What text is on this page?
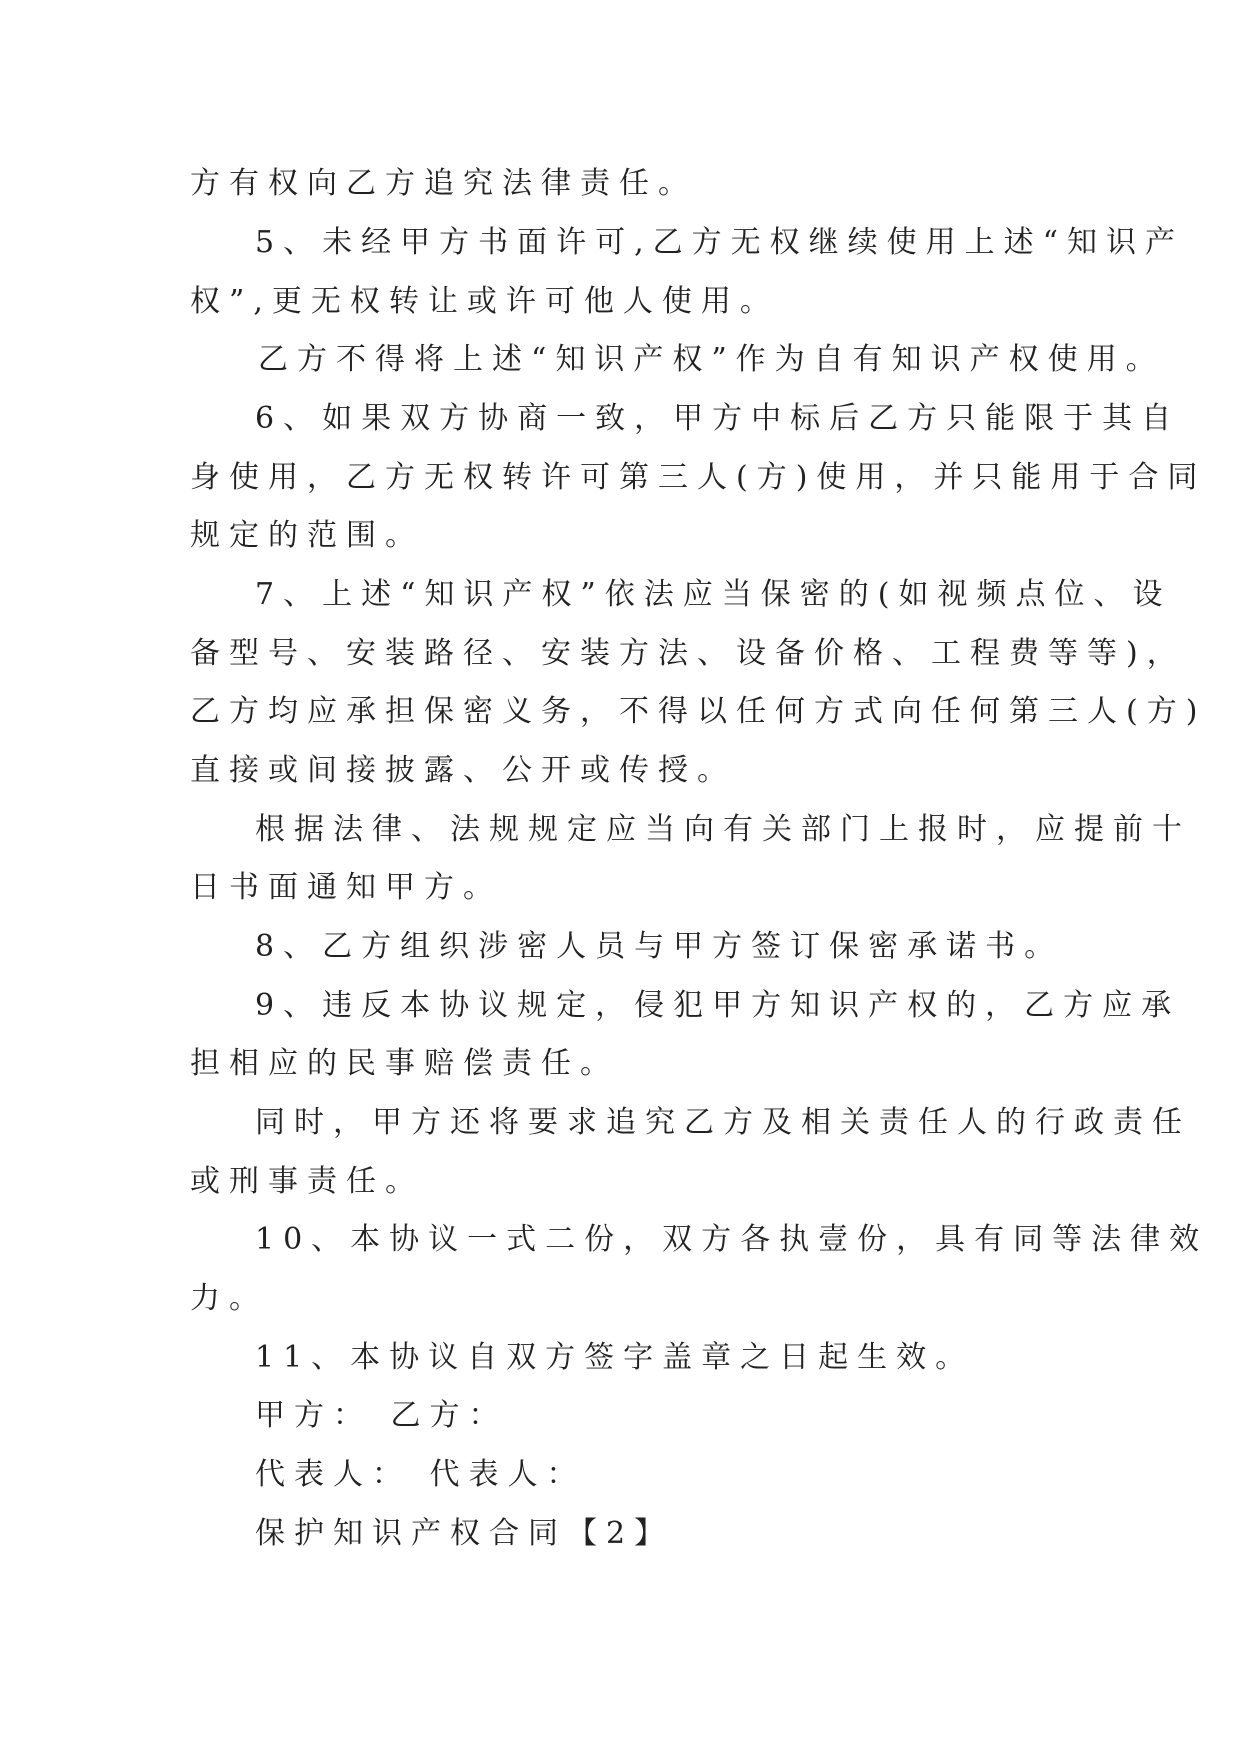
方有权向乙方追究法律责任。
5、未经甲方书面许可,乙方无权继续使用上述“知识产
权”,更无权转让或许可他人使用。
乙方不得将上述“知识产权”作为自有知识产权使用。
6、如果双方协商一致，甲方中标后乙方只能限于其自
身使用，乙方无权转许可第三人(方)使用，并只能用于合同
规定的范围。
7、上述“知识产权”依法应当保密的(如视频点位、设
备型号、安装路径、安装方法、设备价格、工程费等等)，
乙方均应承担保密义务，不得以任何方式向任何第三人(方)
直接或间接披露、公开或传授。
根据法律、法规规定应当向有关部门上报时，应提前十
日书面通知甲方。
8、乙方组织涉密人员与甲方签订保密承诺书。
9、违反本协议规定，侵犯甲方知识产权的，乙方应承
担相应的民事赔偿责任。
同时，甲方还将要求追究乙方及相关责任人的行政责任
或刑事责任。
10、本协议一式二份，双方各执壹份，具有同等法律效
力。
11、本协议自双方签字盖章之日起生效。
甲方： 乙方：
代表人： 代表人：
保护知识产权合同【2】
